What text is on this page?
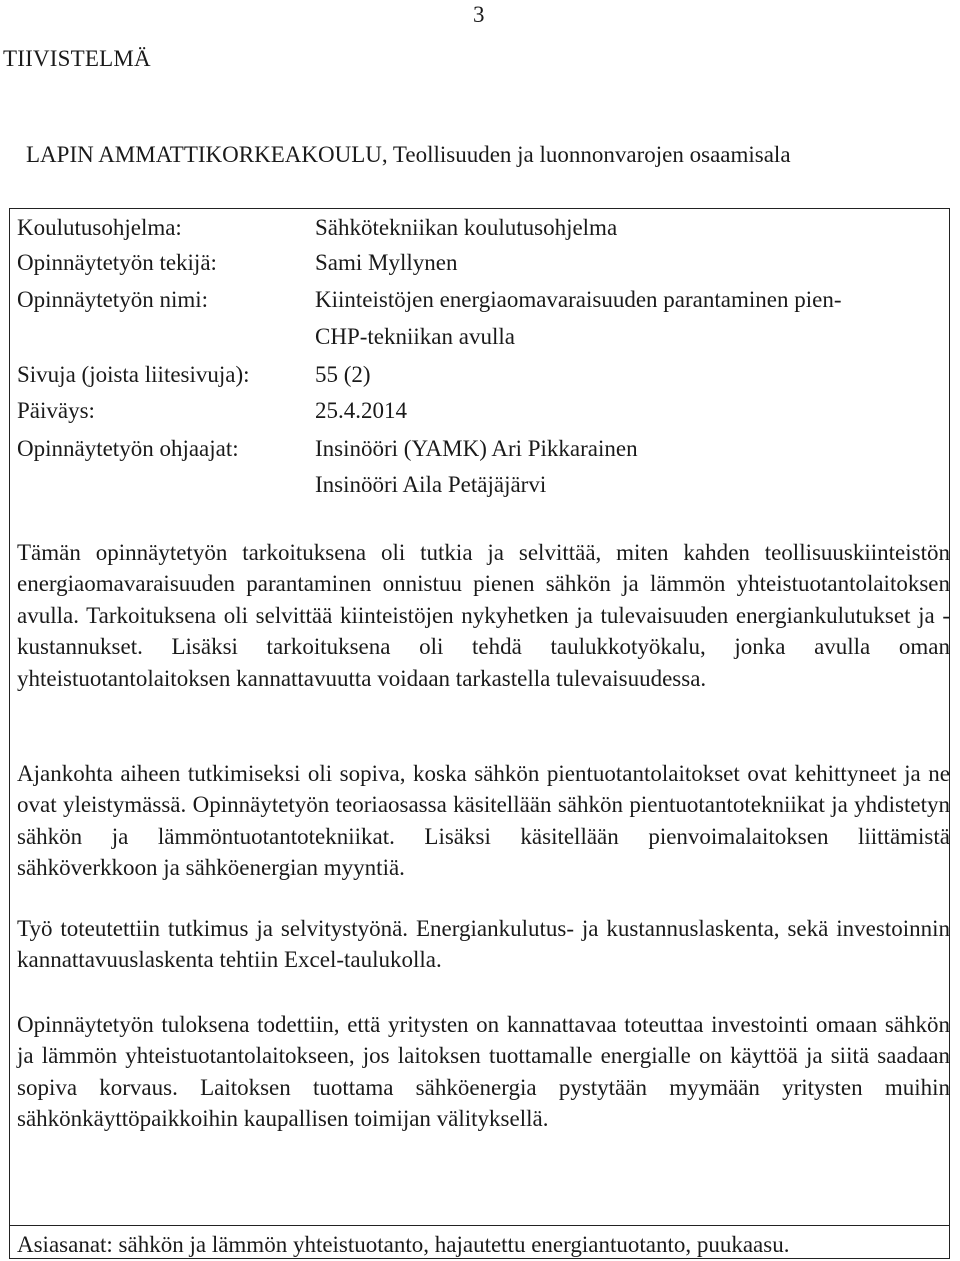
3
TIIVISTELMÄ
LAPIN AMMATTIKORKEAKOULU, Teollisuuden ja luonnonvarojen osaamisala
Koulutusohjelma:	Sähkötekniikan koulutusohjelma
Opinnäytetyön tekijä:	Sami Myllynen
Opinnäytetyön nimi:	Kiinteistöjen energiaomavaraisuuden parantaminen pien-
CHP-tekniikan avulla
Sivuja (joista liitesivuja):	55 (2)
Päiväys:	25.4.2014
Opinnäytetyön ohjaajat:	Insinööri (YAMK) Ari Pikkarainen
Insinööri Aila Petäjäjärvi

Tämän opinnäytetyön tarkoituksena oli tutkia ja selvittää, miten kahden teollisuuskiinteistön energiaomavaraisuuden parantaminen onnistuu pienen sähkön ja lämmön yhteistuotantolaitoksen avulla. Tarkoituksena oli selvittää kiinteistöjen nykyhetken ja tulevaisuuden energiankulutukset ja -kustannukset. Lisäksi tarkoituksena oli tehdä taulukkotyökalu, jonka avulla oman yhteistuotantolaitoksen kannattavuutta voidaan tarkastella tulevaisuudessa.

Ajankohta aiheen tutkimiseksi oli sopiva, koska sähkön pientuotantolaitokset ovat kehittyneet ja ne ovat yleistymässä. Opinnäytetyön teoriaosassa käsitellään sähkön pientuotantotekniikat ja yhdistetyn sähkön ja lämmöntuotantotekniikat. Lisäksi käsitellään pienvoimalaitoksen liittämistä sähköverkkoon ja sähköenergian myyntiä.

Työ toteutettiin tutkimus ja selvitystyönä. Energiankulutus- ja kustannuslaskenta, sekä investoinnin kannattavuuslaskenta tehtiin Excel-taulukolla.

Opinnäytetyön tuloksena todettiin, että yritysten on kannattavaa toteuttaa investointi omaan sähkön ja lämmön yhteistuotantolaitokseen, jos laitoksen tuottamalle energialle on käyttöä ja siitä saadaan sopiva korvaus. Laitoksen tuottama sähköenergia pystytään myymään yritysten muihin sähkönkäyttöpaikkoihin kaupallisen toimijan välityksellä.

Asiasanat: sähkön ja lämmön yhteistuotanto, hajautettu energiantuotanto, puukaasu.
